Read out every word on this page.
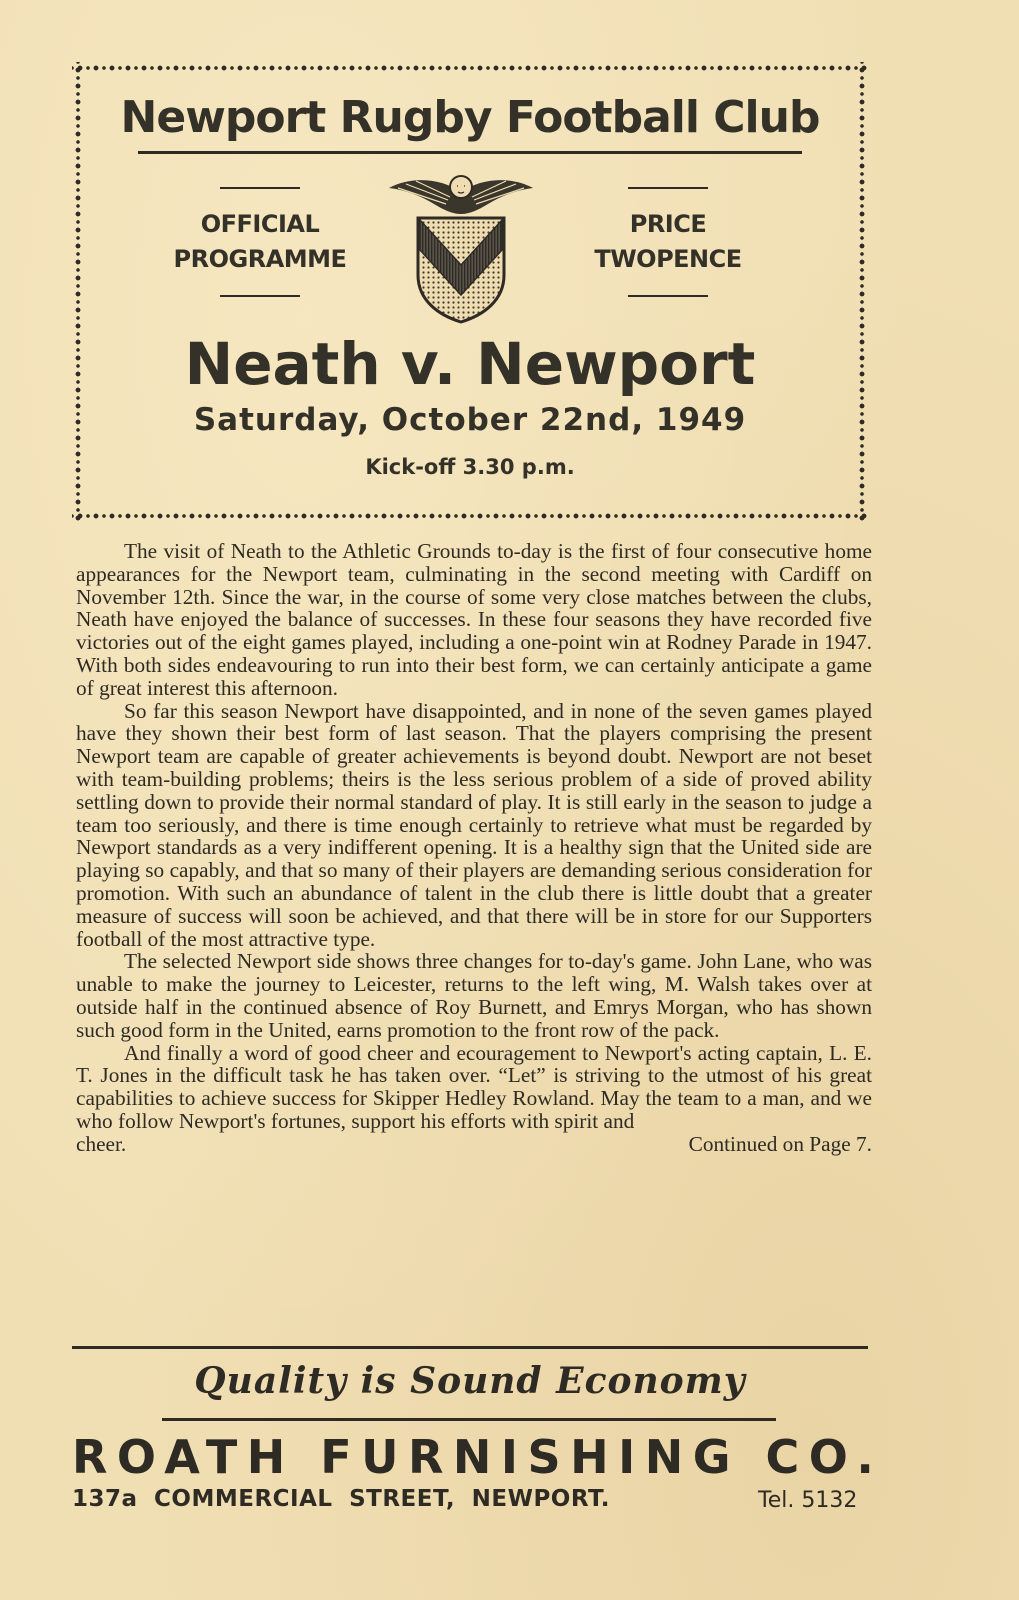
Newport Rugby Football Club
OFFICIAL
PROGRAMME
PRICE
TWOPENCE
Neath v. Newport
Saturday, October 22nd, 1949
Kick-off 3.30 p.m.

The visit of Neath to the Athletic Grounds to-day is the first of four consecutive home appearances for the Newport team, culminating in the second meeting with Cardiff on November 12th. Since the war, in the course of some very close matches between the clubs, Neath have enjoyed the balance of successes. In these four seasons they have recorded five victories out of the eight games played, including a one-point win at Rodney Parade in 1947. With both sides endeavouring to run into their best form, we can certainly anticipate a game of great interest this afternoon.

So far this season Newport have disappointed, and in none of the seven games played have they shown their best form of last season. That the players comprising the present Newport team are capable of greater achievements is beyond doubt. Newport are not beset with team-building problems; theirs is the less serious problem of a side of proved ability settling down to provide their normal standard of play. It is still early in the season to judge a team too seriously, and there is time enough certainly to retrieve what must be regarded by Newport standards as a very indifferent opening. It is a healthy sign that the United side are playing so capably, and that so many of their players are demanding serious consideration for promotion. With such an abundance of talent in the club there is little doubt that a greater measure of success will soon be achieved, and that there will be in store for our Supporters football of the most attractive type.

The selected Newport side shows three changes for to-day's game. John Lane, who was unable to make the journey to Leicester, returns to the left wing, M. Walsh takes over at outside half in the continued absence of Roy Burnett, and Emrys Morgan, who has shown such good form in the United, earns promotion to the front row of the pack.

And finally a word of good cheer and ecouragement to Newport's acting captain, L. E. T. Jones in the difficult task he has taken over. “Let” is striving to the utmost of his great capabilities to achieve success for Skipper Hedley Rowland. May the team to a man, and we who follow Newport's fortunes, support his efforts with spirit and

cheer.	Continued on Page 7.
Quality is Sound Economy
ROATH FURNISHING CO.
137a COMMERCIAL STREET, NEWPORT.	Tel. 5132
